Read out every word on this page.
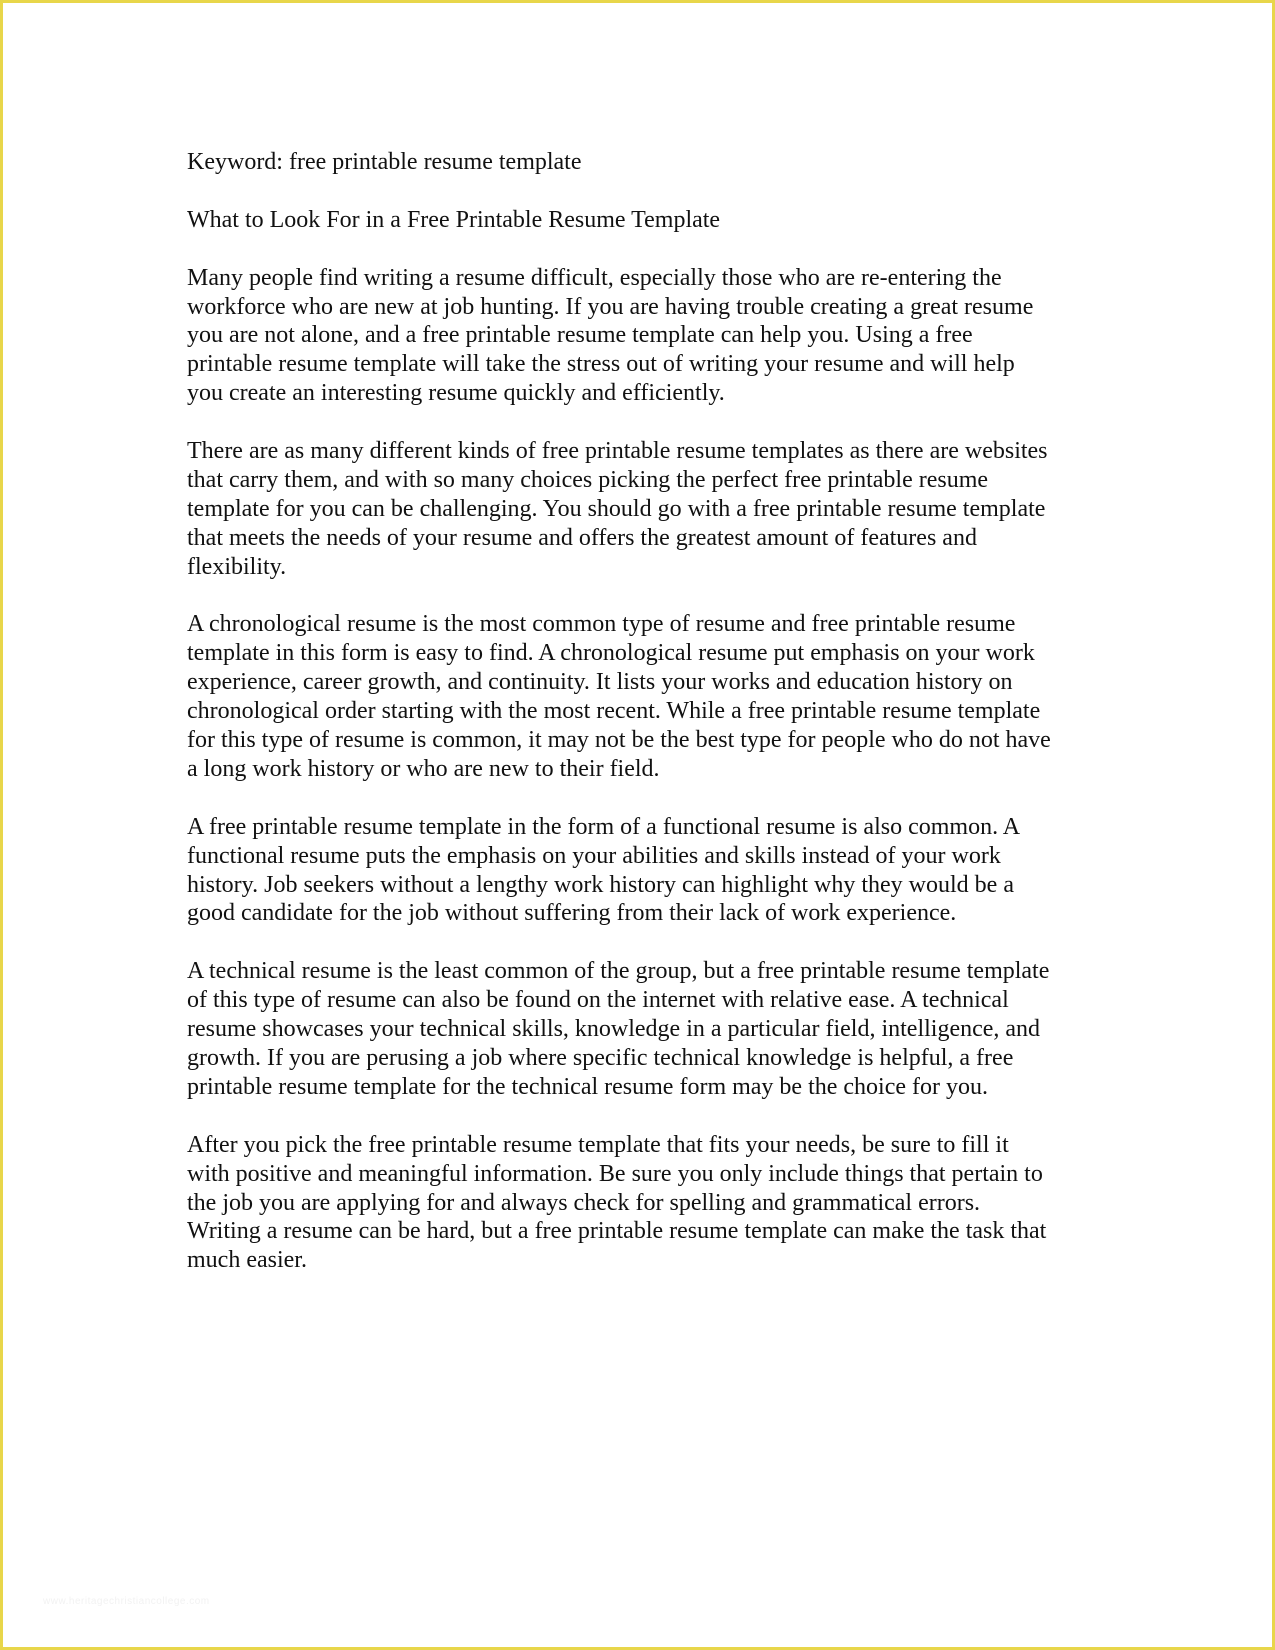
Keyword: free printable resume template
What to Look For in a Free Printable Resume Template
Many people find writing a resume difficult, especially those who are re-entering the
workforce who are new at job hunting. If you are having trouble creating a great resume
you are not alone, and a free printable resume template can help you. Using a free
printable resume template will take the stress out of writing your resume and will help
you create an interesting resume quickly and efficiently.
There are as many different kinds of free printable resume templates as there are websites
that carry them, and with so many choices picking the perfect free printable resume
template for you can be challenging. You should go with a free printable resume template
that meets the needs of your resume and offers the greatest amount of features and
flexibility.
A chronological resume is the most common type of resume and free printable resume
template in this form is easy to find. A chronological resume put emphasis on your work
experience, career growth, and continuity. It lists your works and education history on
chronological order starting with the most recent. While a free printable resume template
for this type of resume is common, it may not be the best type for people who do not have
a long work history or who are new to their field.
A free printable resume template in the form of a functional resume is also common. A
functional resume puts the emphasis on your abilities and skills instead of your work
history. Job seekers without a lengthy work history can highlight why they would be a
good candidate for the job without suffering from their lack of work experience.
A technical resume is the least common of the group, but a free printable resume template
of this type of resume can also be found on the internet with relative ease. A technical
resume showcases your technical skills, knowledge in a particular field, intelligence, and
growth. If you are perusing a job where specific technical knowledge is helpful, a free
printable resume template for the technical resume form may be the choice for you.
After you pick the free printable resume template that fits your needs, be sure to fill it
with positive and meaningful information. Be sure you only include things that pertain to
the job you are applying for and always check for spelling and grammatical errors.
Writing a resume can be hard, but a free printable resume template can make the task that
much easier.
www.heritagechristiancollege.com
